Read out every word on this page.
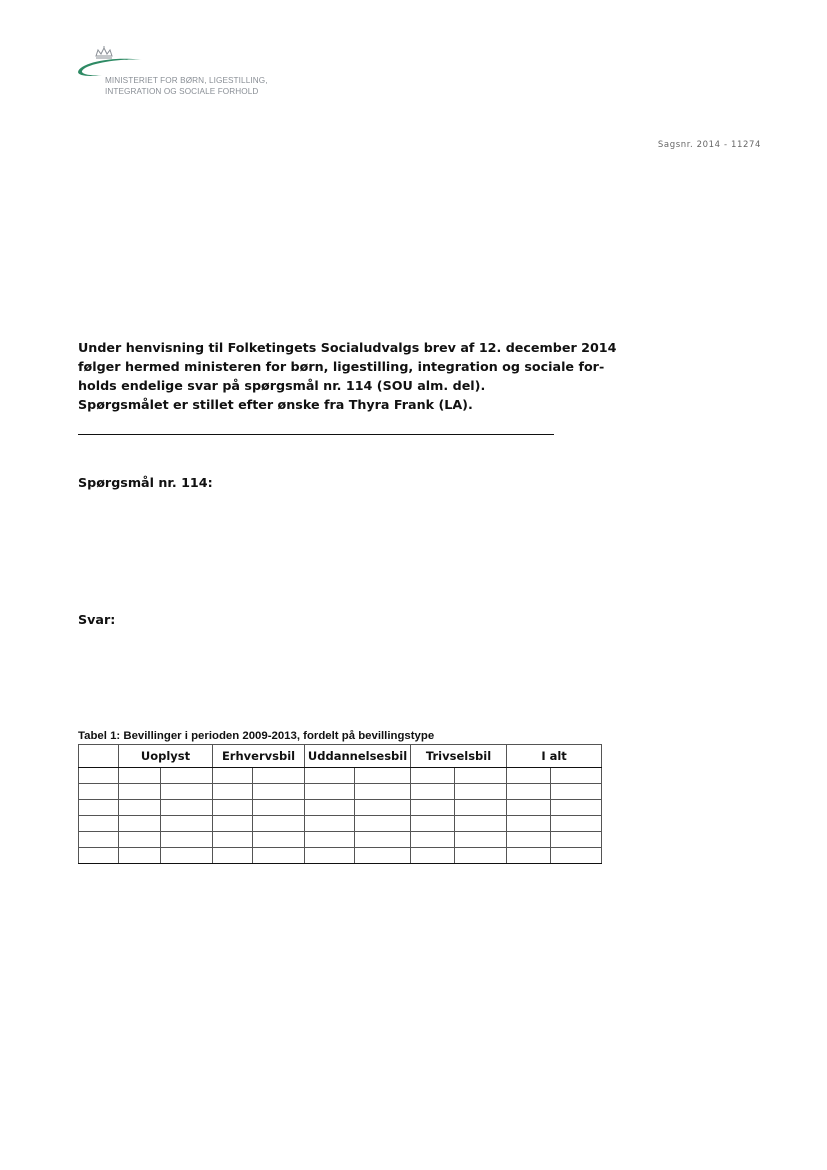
MINISTERIET FOR BØRN, LIGESTILLING,
INTEGRATION OG SOCIALE FORHOLD
Sagsnr. 2014 - 11274
Under henvisning til Folketingets Socialudvalgs brev af 12. december 2014
følger hermed ministeren for børn, ligestilling, integration og sociale for-
holds endelige svar på spørgsmål nr. 114 (SOU alm. del).
Spørgsmålet er stillet efter ønske fra Thyra Frank (LA).
Spørgsmål nr. 114:
Svar:
Tabel 1: Bevillinger i perioden 2009-2013, fordelt på bevillingstype
	Uoplyst		Erhvervsbil		Uddannelsesbil		Trivselsbil		I alt	
